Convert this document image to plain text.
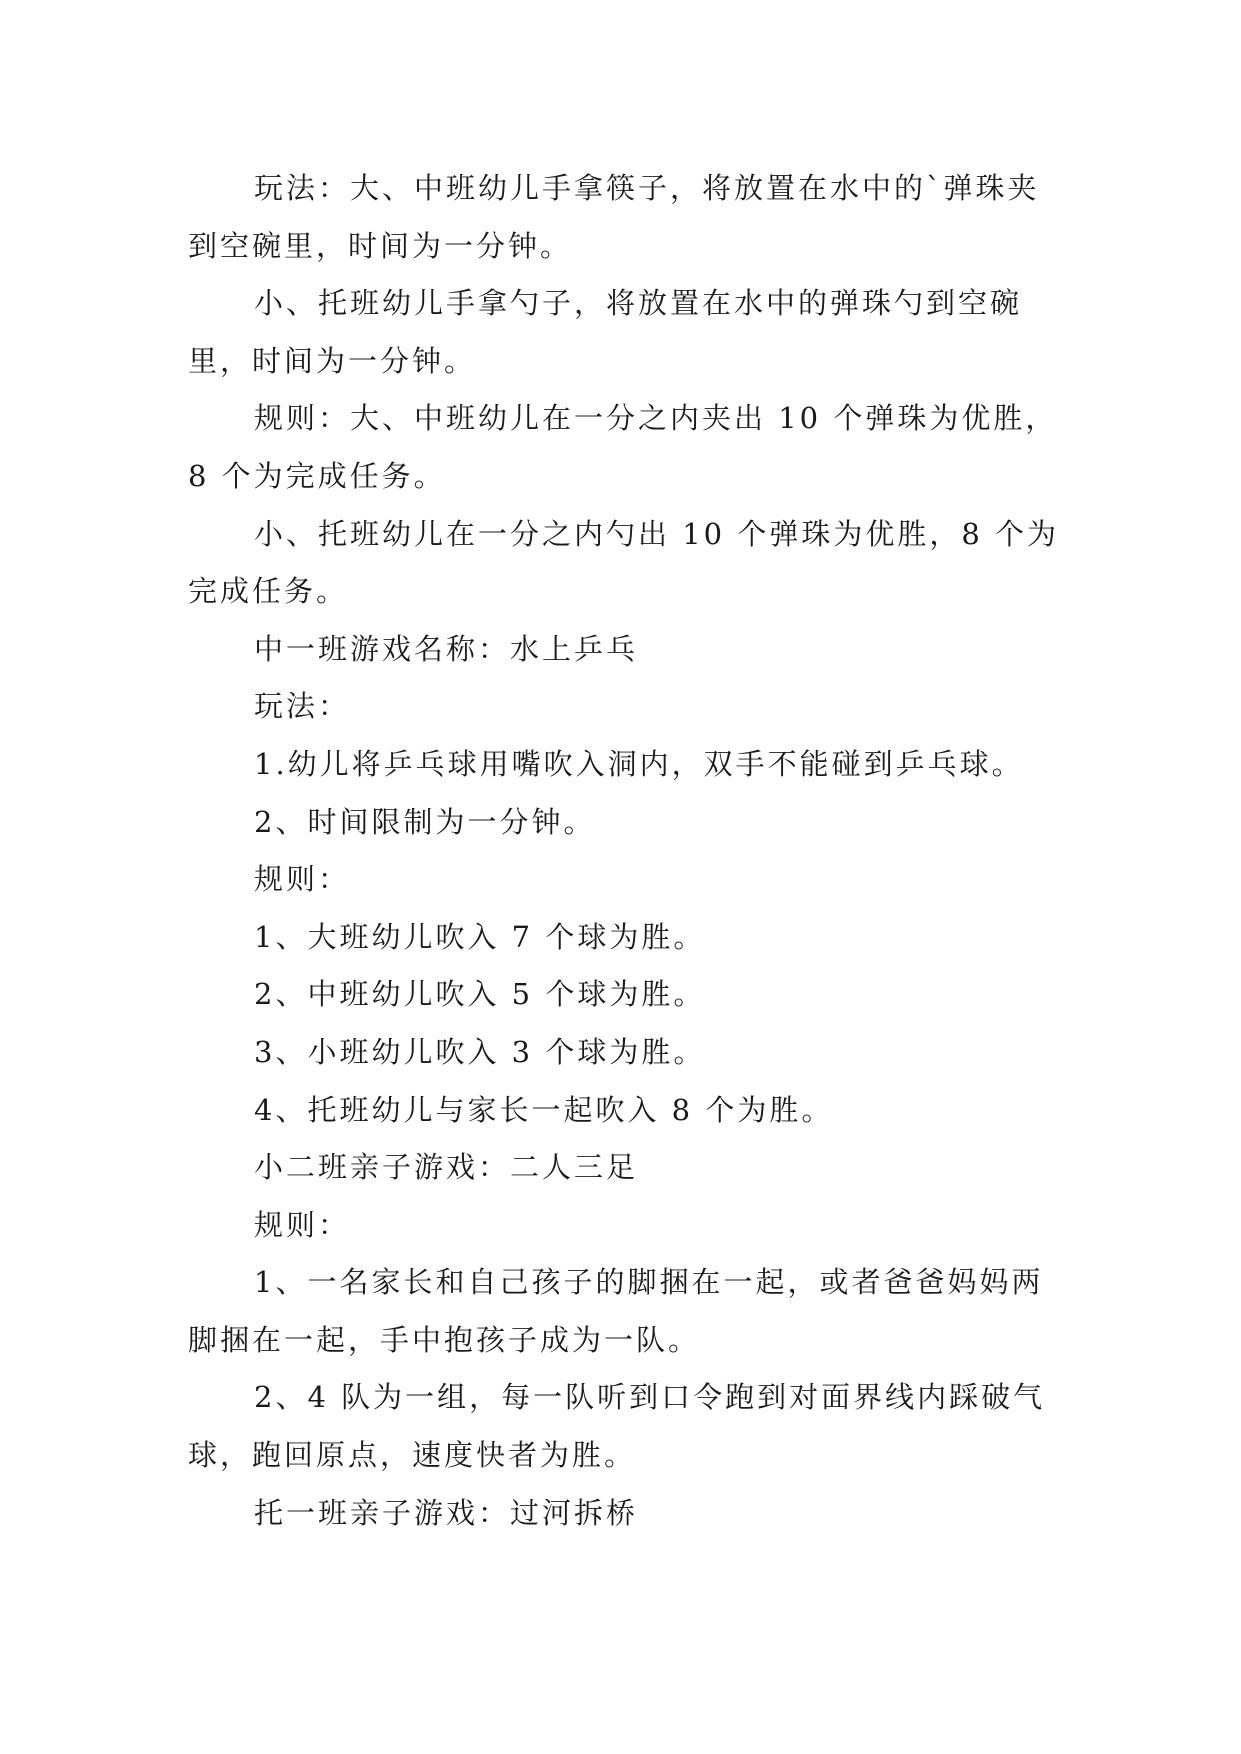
玩法：大、中班幼儿手拿筷子，将放置在水中的`弹珠夹到空碗里，时间为一分钟。

小、托班幼儿手拿勺子，将放置在水中的弹珠勺到空碗里，时间为一分钟。

规则：大、中班幼儿在一分之内夹出 10 个弹珠为优胜，8 个为完成任务。

小、托班幼儿在一分之内勺出 10 个弹珠为优胜，8 个为完成任务。

中一班游戏名称：水上乒乓

玩法：

1.幼儿将乒乓球用嘴吹入洞内，双手不能碰到乒乓球。

2、时间限制为一分钟。

规则：

1、大班幼儿吹入 7 个球为胜。

2、中班幼儿吹入 5 个球为胜。

3、小班幼儿吹入 3 个球为胜。

4、托班幼儿与家长一起吹入 8 个为胜。

小二班亲子游戏：二人三足

规则：

1、一名家长和自己孩子的脚捆在一起，或者爸爸妈妈两脚捆在一起，手中抱孩子成为一队。

2、4 队为一组，每一队听到口令跑到对面界线内踩破气球，跑回原点，速度快者为胜。

托一班亲子游戏：过河拆桥
